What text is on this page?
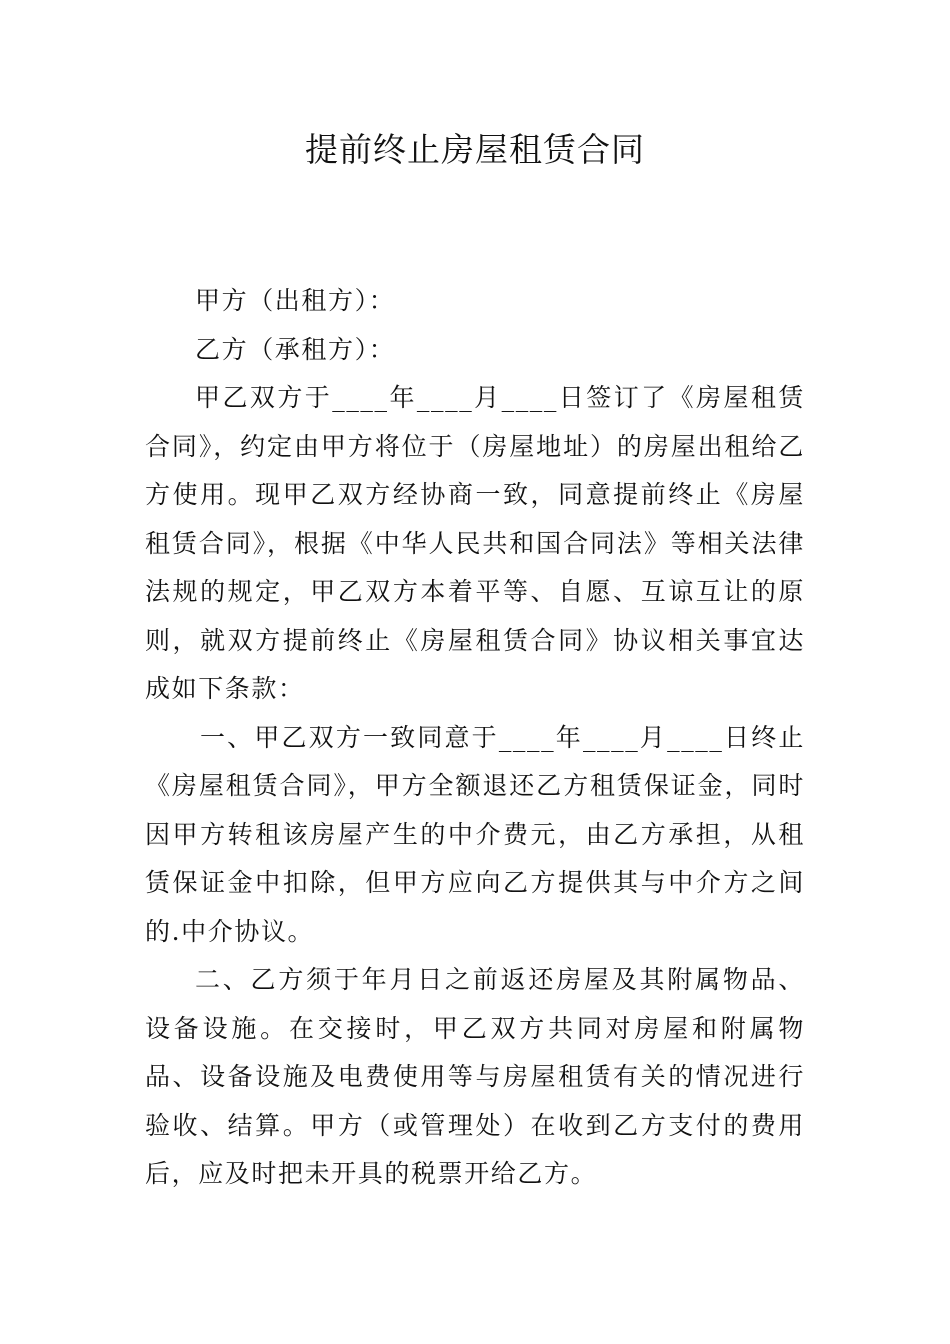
提前终止房屋租赁合同

甲方（出租方）：

乙方（承租方）：

甲乙双方于____年____月____日签订了《房屋租赁合同》，约定由甲方将位于（房屋地址）的房屋出租给乙方使用。现甲乙双方经协商一致，同意提前终止《房屋租赁合同》，根据《中华人民共和国合同法》等相关法律法规的规定，甲乙双方本着平等、自愿、互谅互让的原则，就双方提前终止《房屋租赁合同》协议相关事宜达成如下条款：

一、甲乙双方一致同意于____年____月____日终止《房屋租赁合同》，甲方全额退还乙方租赁保证金，同时因甲方转租该房屋产生的中介费元，由乙方承担，从租赁保证金中扣除，但甲方应向乙方提供其与中介方之间的.中介协议。

二、乙方须于年月日之前返还房屋及其附属物品、设备设施。在交接时，甲乙双方共同对房屋和附属物品、设备设施及电费使用等与房屋租赁有关的情况进行验收、结算。甲方（或管理处）在收到乙方支付的费用后，应及时把未开具的税票开给乙方。
